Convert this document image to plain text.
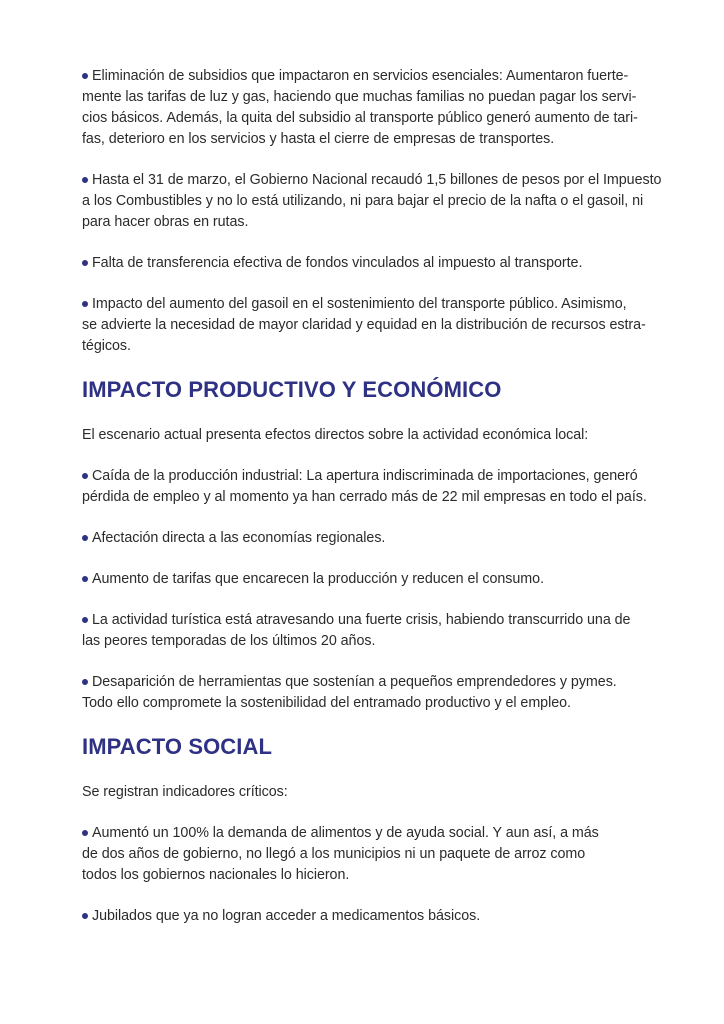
Eliminación de subsidios que impactaron en servicios esenciales: Aumentaron fuerte-
mente las tarifas de luz y gas, haciendo que muchas familias no puedan pagar los servi-
cios básicos. Además, la quita del subsidio al transporte público generó aumento de tari-
fas, deterioro en los servicios y hasta el cierre de empresas de transportes.
Hasta el 31 de marzo, el Gobierno Nacional recaudó 1,5 billones de pesos por el Impuesto
a los Combustibles y no lo está utilizando, ni para bajar el precio de la nafta o el gasoil, ni
para hacer obras en rutas.
Falta de transferencia efectiva de fondos vinculados al impuesto al transporte.
Impacto del aumento del gasoil en el sostenimiento del transporte público. Asimismo,
se advierte la necesidad de mayor claridad y equidad en la distribución de recursos estra-
tégicos.
IMPACTO PRODUCTIVO Y ECONÓMICO
El escenario actual presenta efectos directos sobre la actividad económica local:
Caída de la producción industrial: La apertura indiscriminada de importaciones, generó
pérdida de empleo y al momento ya han cerrado más de 22 mil empresas en todo el país.
Afectación directa a las economías regionales.
Aumento de tarifas que encarecen la producción y reducen el consumo.
La actividad turística está atravesando una fuerte crisis, habiendo transcurrido una de
las peores temporadas de los últimos 20 años.
Desaparición de herramientas que sostenían a pequeños emprendedores y pymes.
Todo ello compromete la sostenibilidad del entramado productivo y el empleo.
IMPACTO SOCIAL
Se registran indicadores críticos:
Aumentó un 100% la demanda de alimentos y de ayuda social. Y aun así, a más
de dos años de gobierno, no llegó a los municipios ni un paquete de arroz como
todos los gobiernos nacionales lo hicieron.
Jubilados que ya no logran acceder a medicamentos básicos.
